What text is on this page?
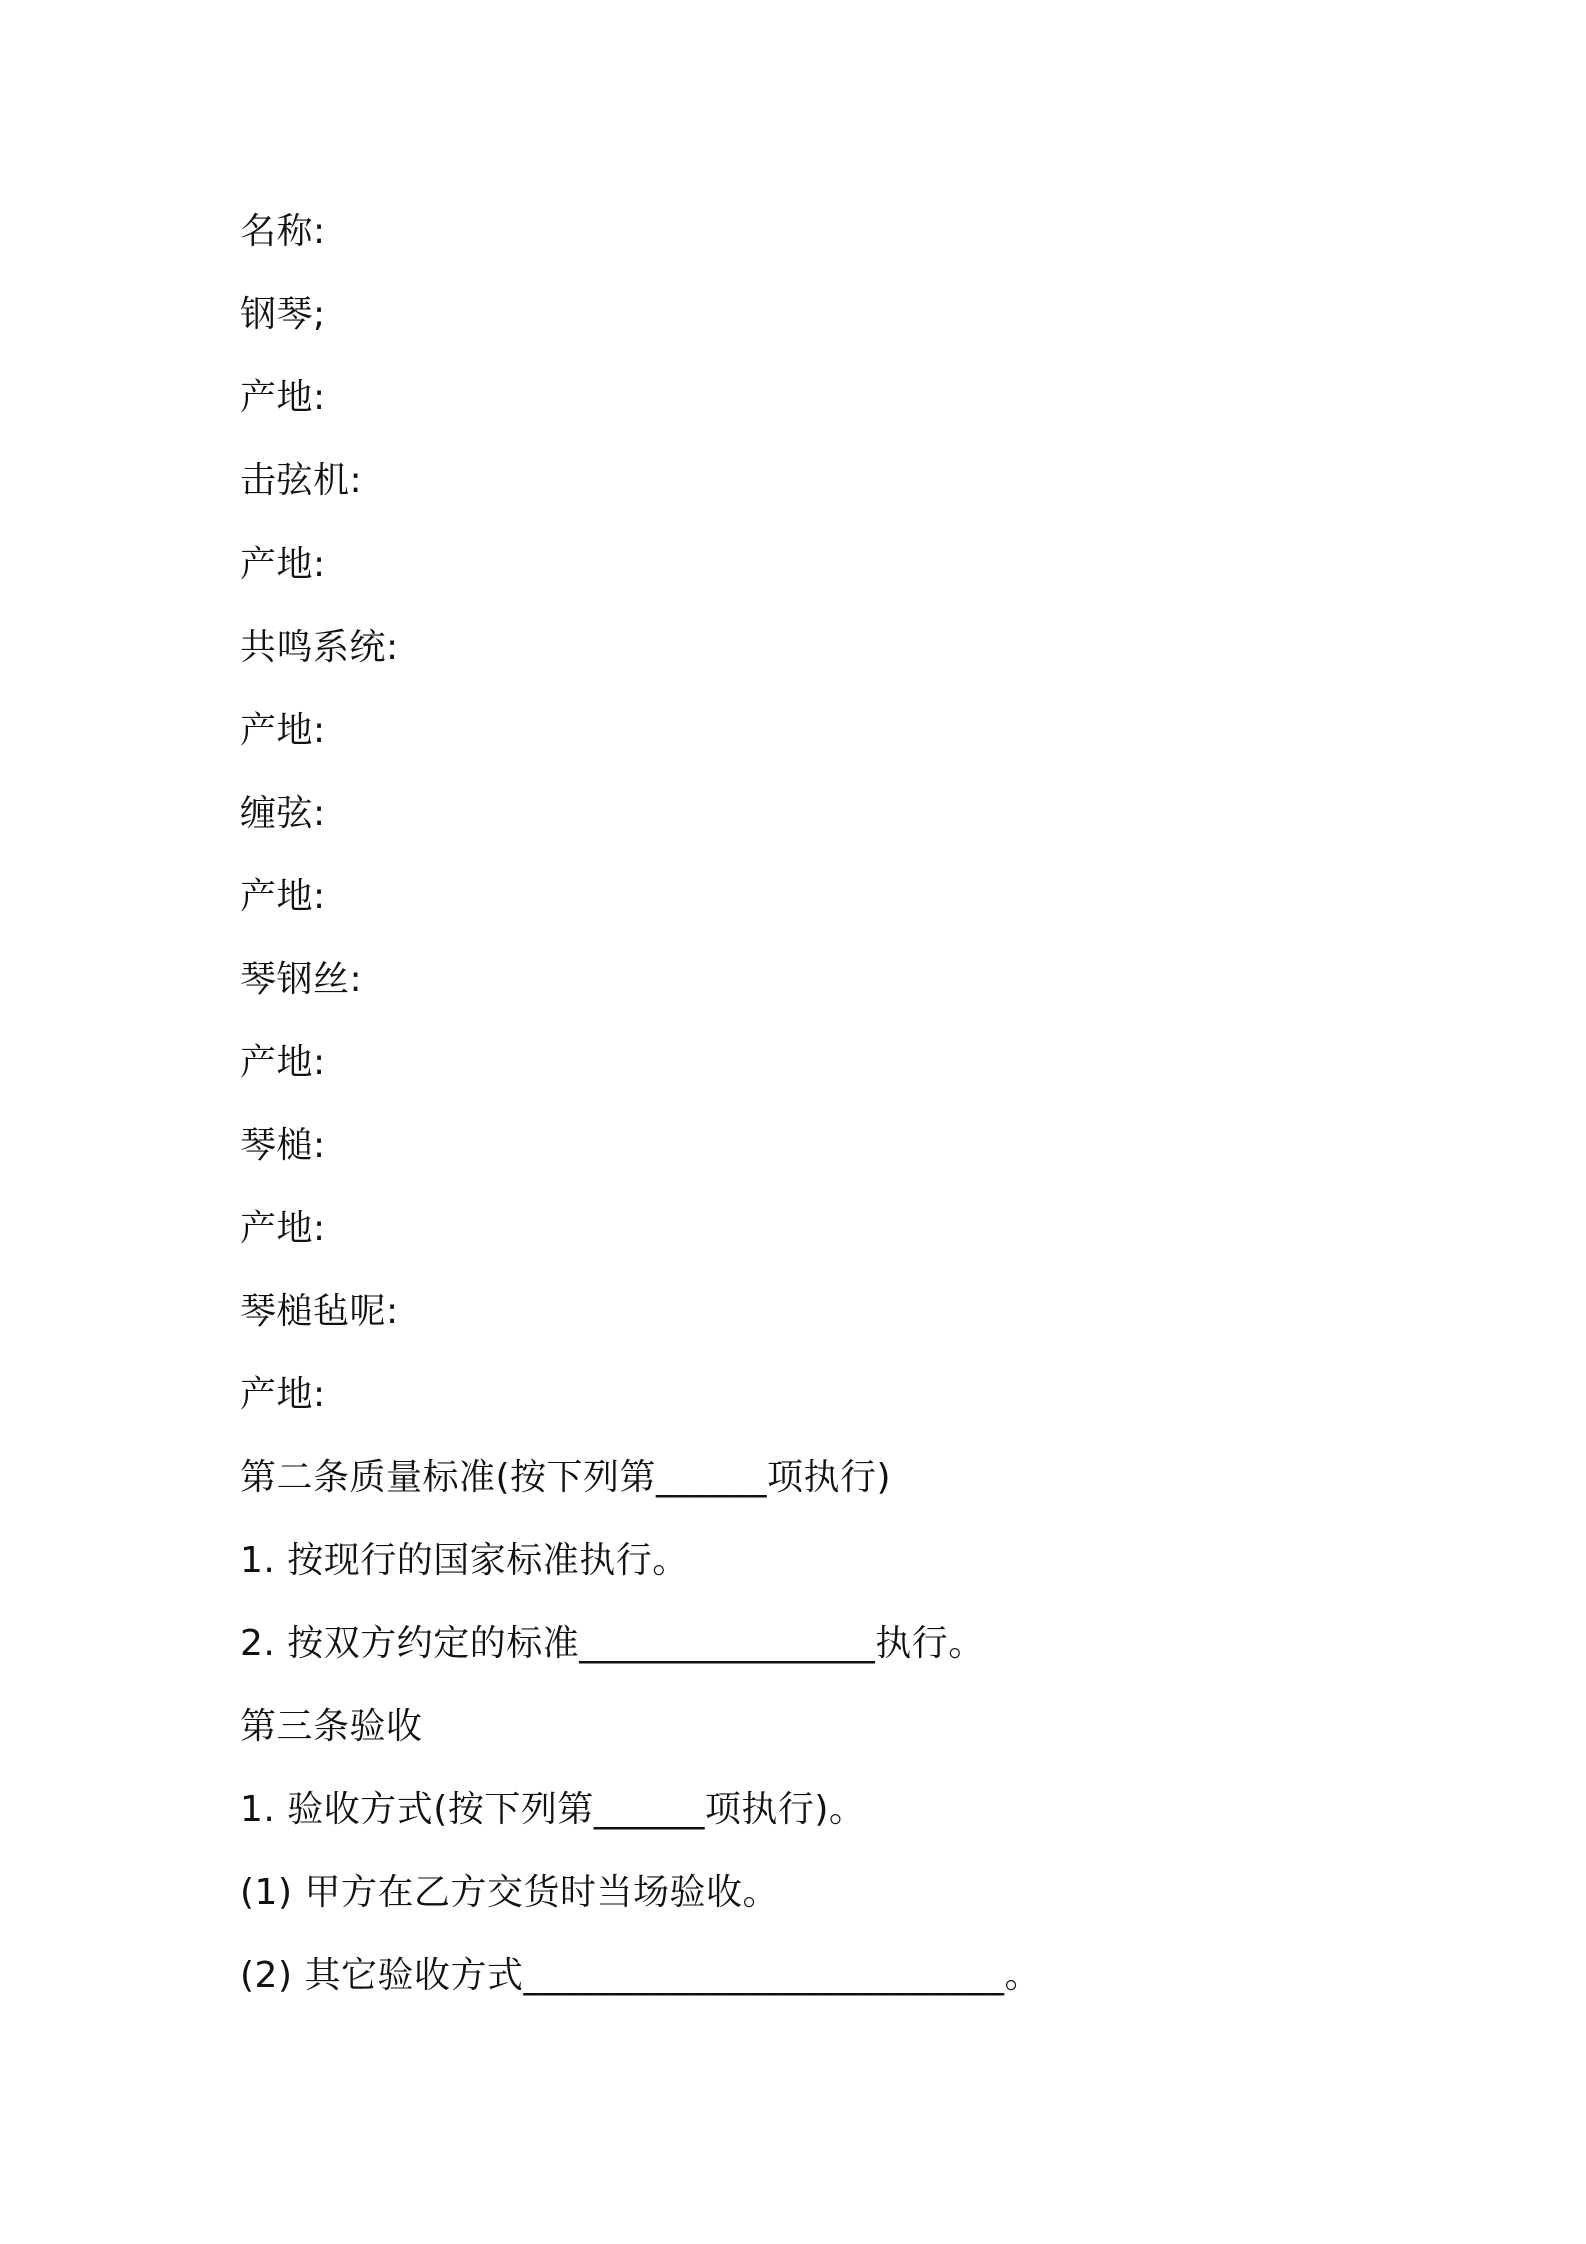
名称:
钢琴;
产地:
击弦机:
产地:
共鸣系统:
产地:
缠弦:
产地:
琴钢丝:
产地:
琴槌:
产地:
琴槌毡呢:
产地:
第二条质量标准(按下列第______项执行)
1. 按现行的国家标准执行。
2. 按双方约定的标准________________执行。
第三条验收
1. 验收方式(按下列第______项执行)。
(1) 甲方在乙方交货时当场验收。
(2) 其它验收方式__________________________。
